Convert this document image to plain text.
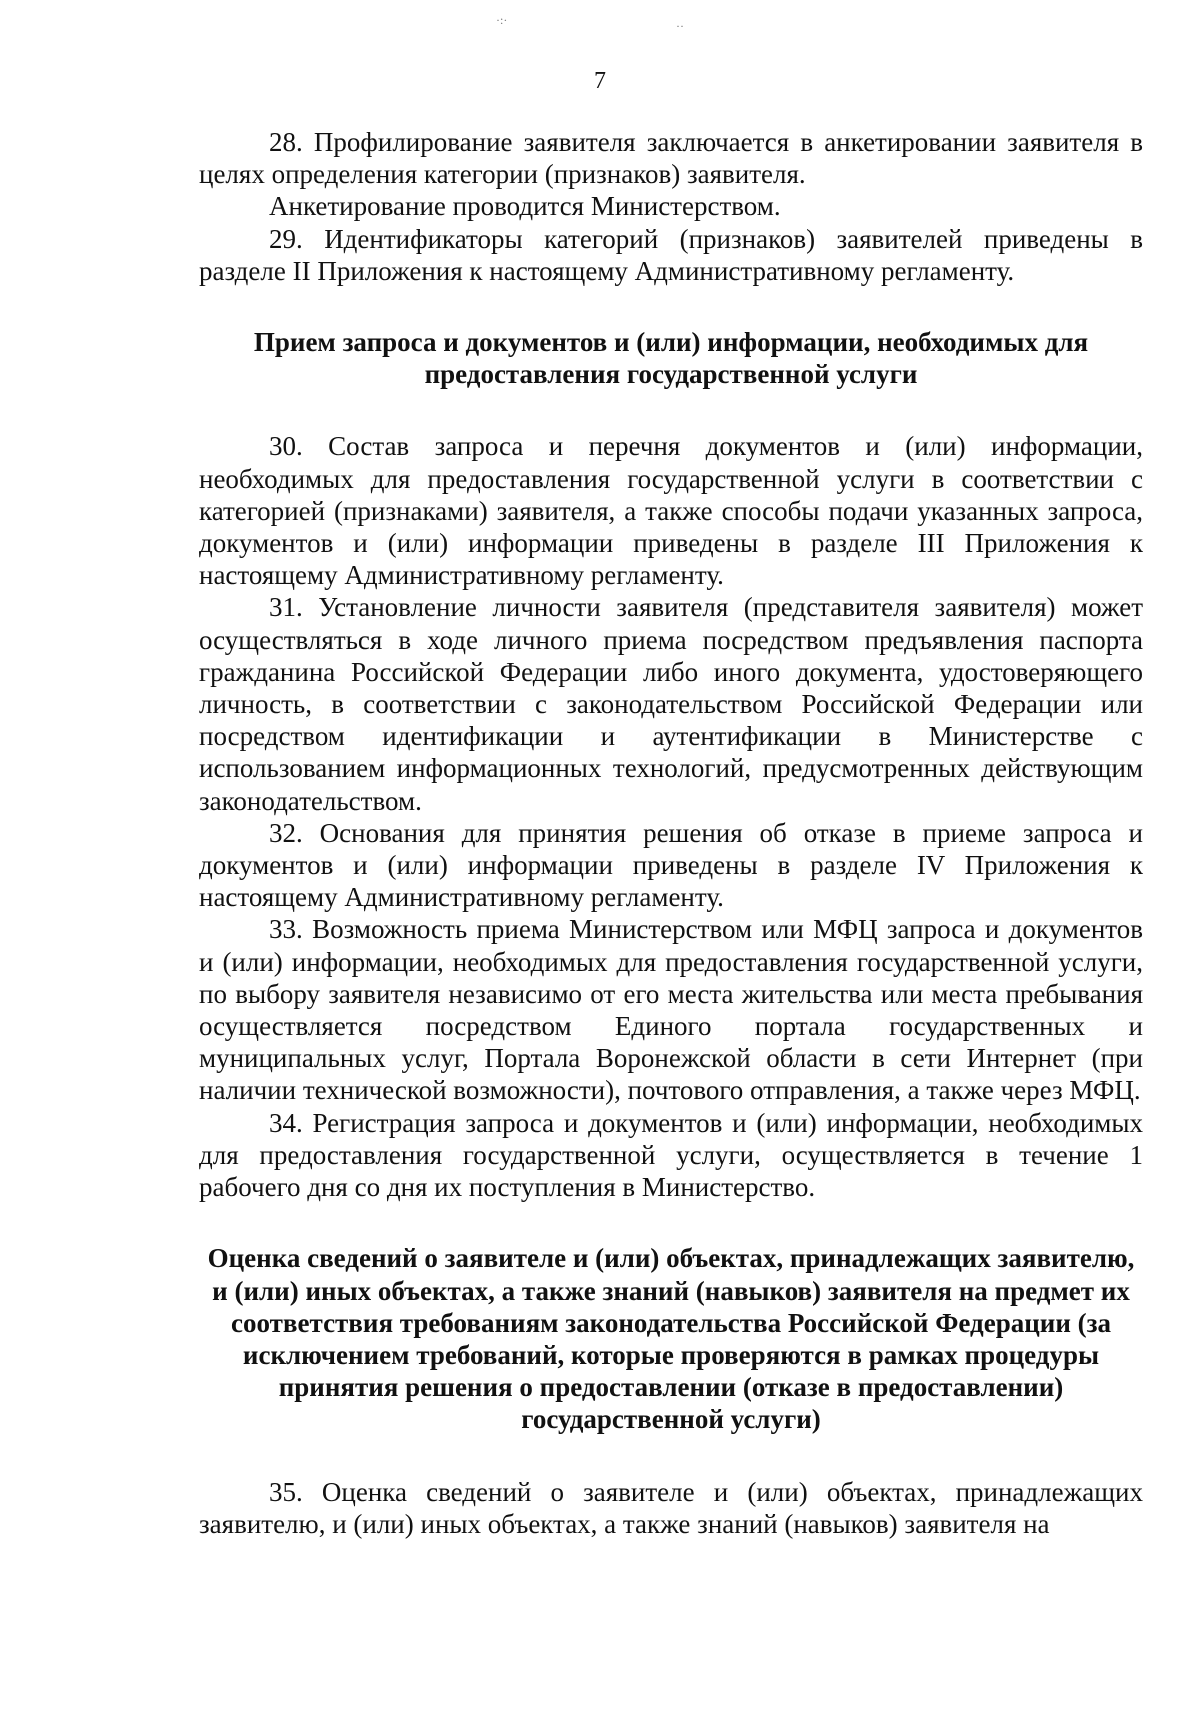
·:·	··
7

28. Профилирование заявителя заключается в анкетировании заявителя в целях определения категории (признаков) заявителя.

Анкетирование проводится Министерством.

29. Идентификаторы категорий (признаков) заявителей приведены в разделе II Приложения к настоящему Административному регламенту.

Прием запроса и документов и (или) информации, необходимых для предоставления государственной услуги

30. Состав запроса и перечня документов и (или) информации, необходимых для предоставления государственной услуги в соответствии с категорией (признаками) заявителя, а также способы подачи указанных запроса, документов и (или) информации приведены в разделе III Приложения к настоящему Административному регламенту.

31. Установление личности заявителя (представителя заявителя) может осуществляться в ходе личного приема посредством предъявления паспорта гражданина Российской Федерации либо иного документа, удостоверяющего личность, в соответствии с законодательством Российской Федерации или посредством идентификации и аутентификации в Министерстве с использованием информационных технологий, предусмотренных действующим законодательством.

32. Основания для принятия решения об отказе в приеме запроса и документов и (или) информации приведены в разделе IV Приложения к настоящему Административному регламенту.

33. Возможность приема Министерством или МФЦ запроса и документов и (или) информации, необходимых для предоставления государственной услуги, по выбору заявителя независимо от его места жительства или места пребывания осуществляется посредством Единого портала государственных и муниципальных услуг, Портала Воронежской области в сети Интернет (при наличии технической возможности), почтового отправления, а также через МФЦ.

34. Регистрация запроса и документов и (или) информации, необходимых для предоставления государственной услуги, осуществляется в течение 1 рабочего дня со дня их поступления в Министерство.

Оценка сведений о заявителе и (или) объектах, принадлежащих заявителю, и (или) иных объектах, а также знаний (навыков) заявителя на предмет их соответствия требованиям законодательства Российской Федерации (за исключением требований, которые проверяются в рамках процедуры принятия решения о предоставлении (отказе в предоставлении) государственной услуги)

35. Оценка сведений о заявителе и (или) объектах, принадлежащих заявителю, и (или) иных объектах, а также знаний (навыков) заявителя на
